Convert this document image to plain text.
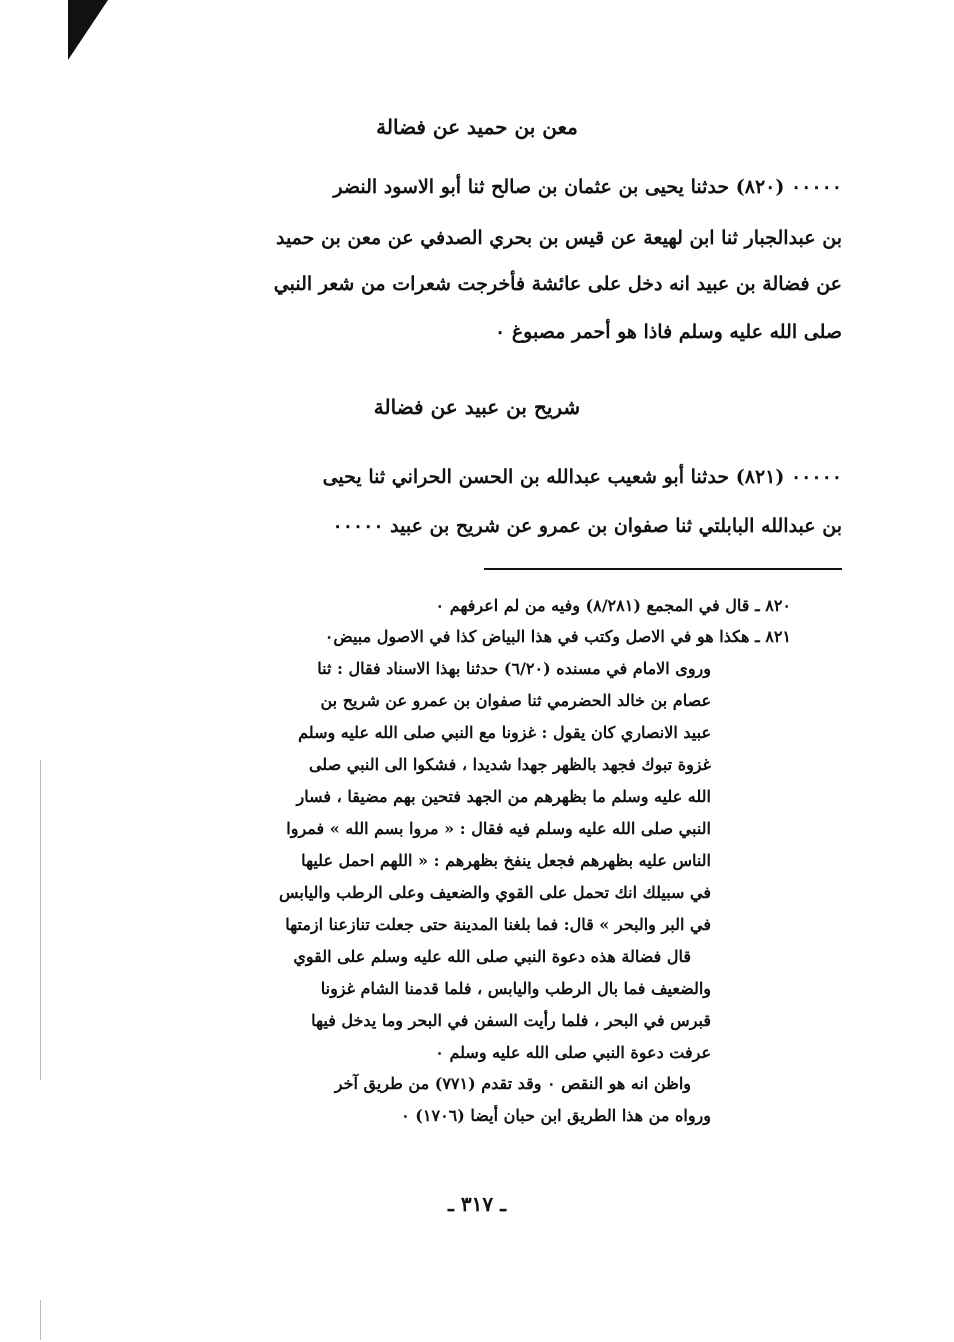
معن بن حميد عن فضالة

٠٠٠٠٠ (٨٢٠) حدثنا يحيى بن عثمان بن صالح ثنا أبو الاسود النضر

بن عبدالجبار ثنا ابن لهيعة عن قيس بن بحري الصدفي عن معن بن حميد

عن فضالة بن عبيد انه دخل على عائشة فأخرجت شعرات من شعر النبي

صلى الله عليه وسلم فاذا هو أحمر مصبوغ ٠

شريح بن عبيد عن فضالة

٠٠٠٠٠ (٨٢١) حدثنا أبو شعيب عبدالله بن الحسن الحراني ثنا يحيى

بن عبدالله البابلتي ثنا صفوان بن عمرو عن شريح بن عبيد ٠٠٠٠٠

٨٢٠ ـ قال في المجمع (٨/٢٨١) وفيه من لم اعرفهم ٠

٨٢١ ـ هكذا هو في الاصل وكتب في هذا البياض كذا في الاصول مبيض٠

وروى الامام في مسنده (٦/٢٠) حدثنا بهذا الاسناد فقال : ثنا

عصام بن خالد الحضرمي ثنا صفوان بن عمرو عن شريح بن

عبيد الانصاري كان يقول : غزونا مع النبي صلى الله عليه وسلم

غزوة تبوك فجهد بالظهر جهدا شديدا ، فشكوا الى النبي صلى

الله عليه وسلم ما بظهرهم من الجهد فتحين بهم مضيقا ، فسار

النبي صلى الله عليه وسلم فيه فقال : « مروا بسم الله » فمروا

الناس عليه بظهرهم فجعل ينفخ بظهرهم : « اللهم احمل عليها

في سبيلك انك تحمل على القوي والضعيف وعلى الرطب واليابس

في البر والبحر » قال: فما بلغنا المدينة حتى جعلت تنازعنا ازمتها

قال فضالة هذه دعوة النبي صلى الله عليه وسلم على القوي

والضعيف فما بال الرطب واليابس ، فلما قدمنا الشام غزونا

قبرس في البحر ، فلما رأيت السفن في البحر وما يدخل فيها

عرفت دعوة النبي صلى الله عليه وسلم ٠

واظن انه هو النقص ٠ وقد تقدم (٧٧١) من طريق آخر

ورواه من هذا الطريق ابن حبان أيضا (١٧٠٦) ٠

ـ ٣١٧ ـ
